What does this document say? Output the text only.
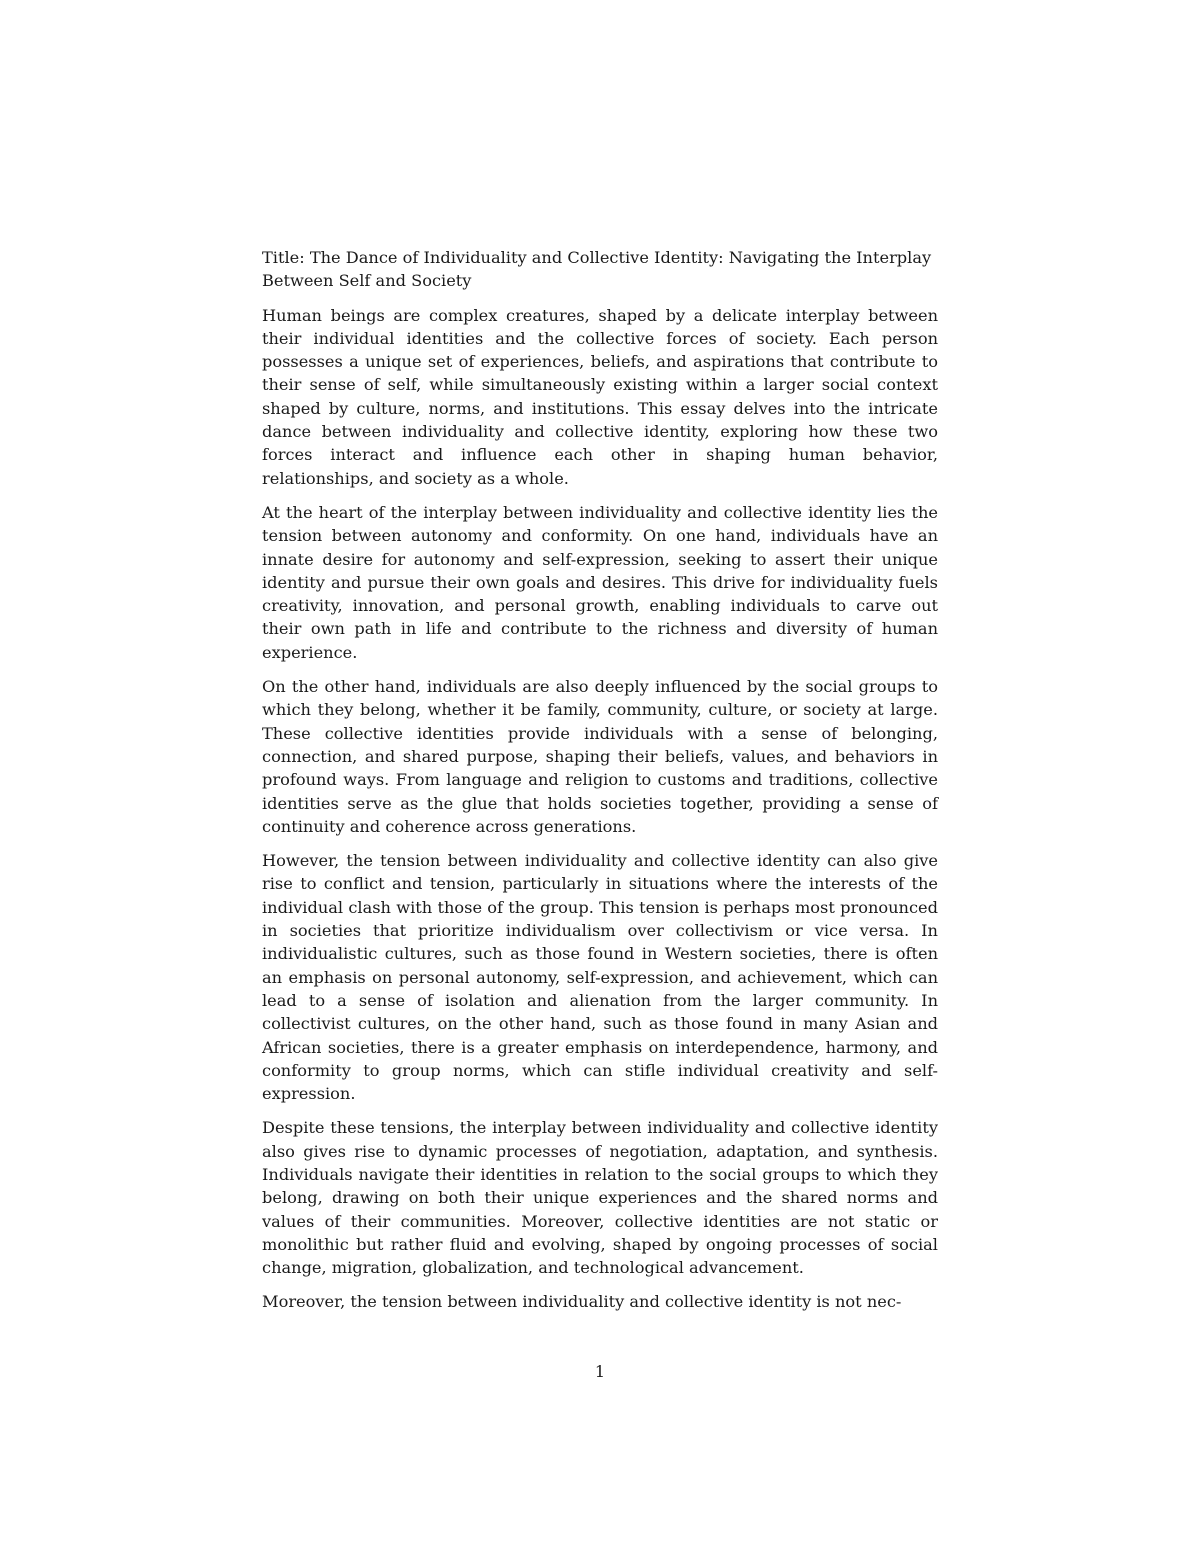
Title: The Dance of Individuality and Collective Identity: Navigating the Interplay Between Self and Society

Human beings are complex creatures, shaped by a delicate interplay between their individual identities and the collective forces of society. Each person possesses a unique set of experiences, beliefs, and aspirations that contribute to their sense of self, while simultaneously existing within a larger social context shaped by culture, norms, and institutions. This essay delves into the intricate dance between individuality and collective identity, exploring how these two forces interact and influence each other in shaping human behavior, relationships, and society as a whole.

At the heart of the interplay between individuality and collective identity lies the tension between autonomy and conformity. On one hand, individuals have an innate desire for autonomy and self-expression, seeking to assert their unique identity and pursue their own goals and desires. This drive for individuality fuels creativity, innovation, and personal growth, enabling individuals to carve out their own path in life and contribute to the richness and diversity of human experience.

On the other hand, individuals are also deeply influenced by the social groups to which they belong, whether it be family, community, culture, or society at large. These collective identities provide individuals with a sense of belonging, connection, and shared purpose, shaping their beliefs, values, and behaviors in profound ways. From language and religion to customs and traditions, collective identities serve as the glue that holds societies together, providing a sense of continuity and coherence across generations.

However, the tension between individuality and collective identity can also give rise to conflict and tension, particularly in situations where the interests of the individual clash with those of the group. This tension is perhaps most pronounced in societies that prioritize individualism over collectivism or vice versa. In individualistic cultures, such as those found in Western societies, there is often an emphasis on personal autonomy, self-expression, and achievement, which can lead to a sense of isolation and alienation from the larger community. In collectivist cultures, on the other hand, such as those found in many Asian and African societies, there is a greater emphasis on interdependence, harmony, and conformity to group norms, which can stifle individual creativity and self-expression.

Despite these tensions, the interplay between individuality and collective identity also gives rise to dynamic processes of negotiation, adaptation, and synthesis. Individuals navigate their identities in relation to the social groups to which they belong, drawing on both their unique experiences and the shared norms and values of their communities. Moreover, collective identities are not static or monolithic but rather fluid and evolving, shaped by ongoing processes of social change, migration, globalization, and technological advancement.

Moreover, the tension between individuality and collective identity is not nec-

1
